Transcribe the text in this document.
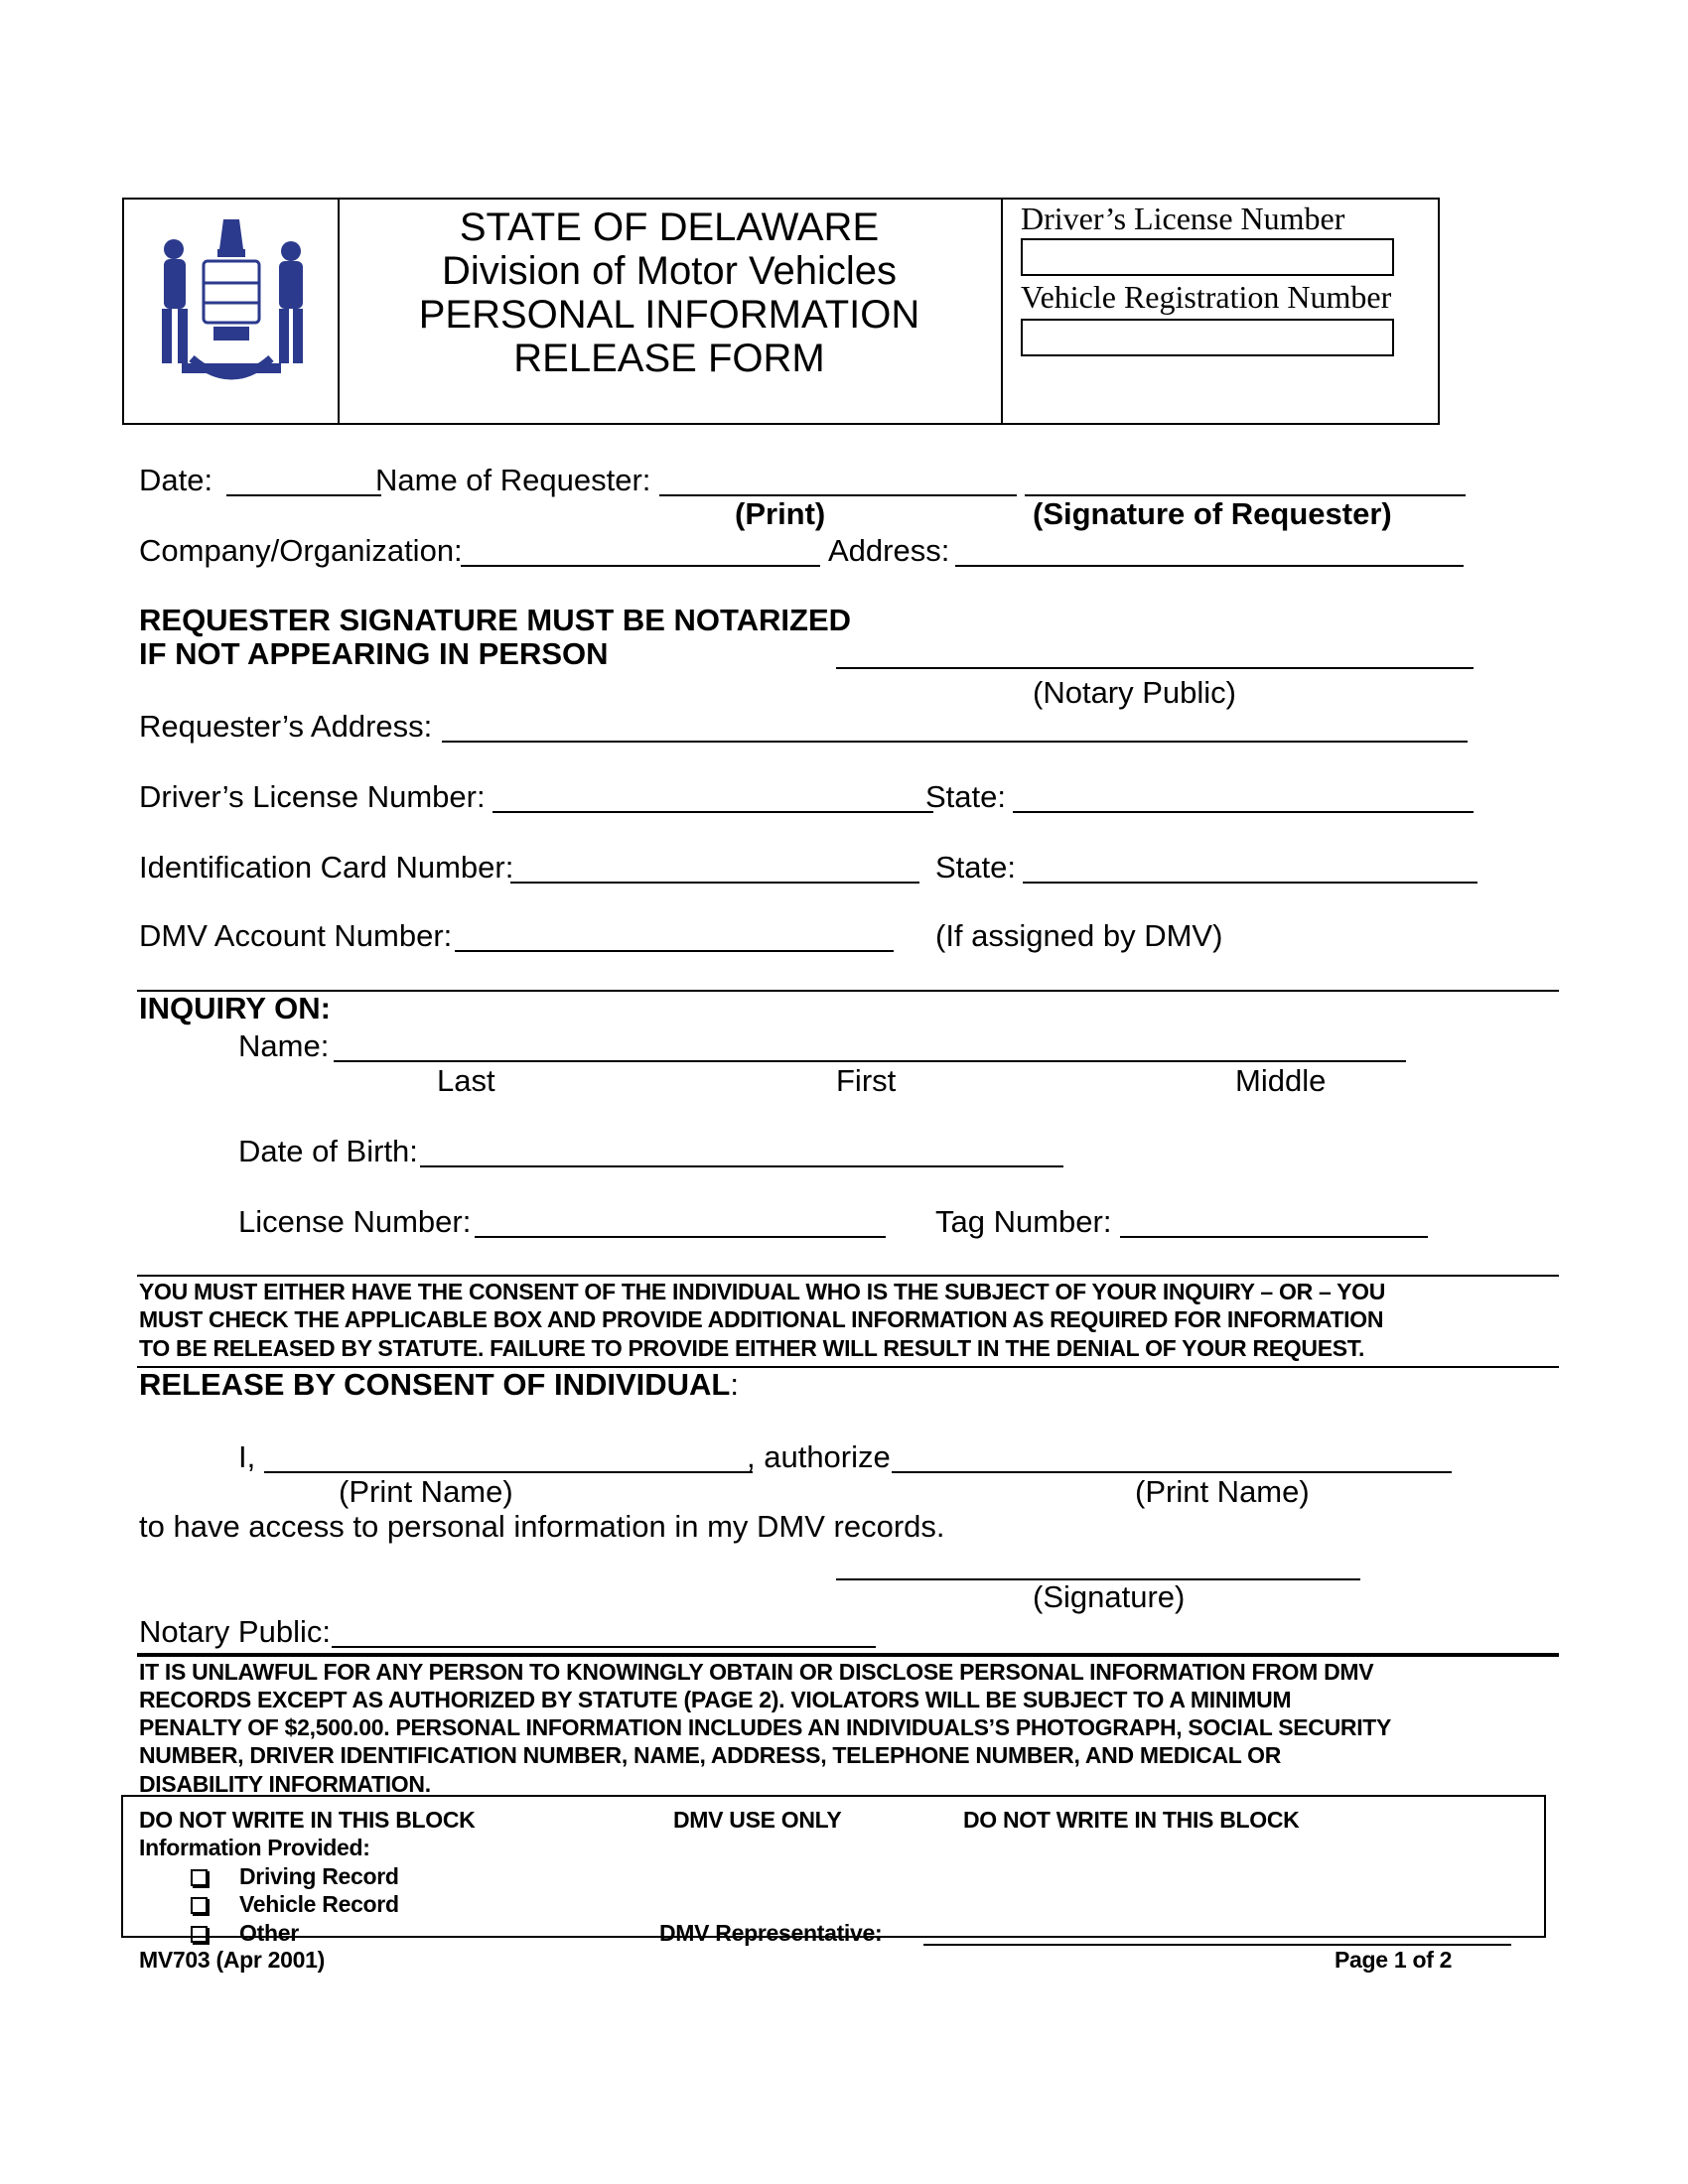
STATE OF DELAWARE
Division of Motor Vehicles
PERSONAL INFORMATION
RELEASE FORM
Driver’s License Number
Vehicle Registration Number
Date:	Name of Requester:
(Print)	(Signature of Requester)
Company/Organization:	Address:
REQUESTER SIGNATURE MUST BE NOTARIZED
IF NOT APPEARING IN PERSON
(Notary Public)
Requester’s Address:
Driver’s License Number:	State:
Identification Card Number:	State:
DMV Account Number:	(If assigned by DMV)
INQUIRY ON:
Name:
Last	First	Middle
Date of Birth:
License Number:	Tag Number:
YOU MUST EITHER HAVE THE CONSENT OF THE INDIVIDUAL WHO IS THE SUBJECT OF YOUR INQUIRY – OR – YOU
MUST CHECK THE APPLICABLE BOX AND PROVIDE ADDITIONAL INFORMATION AS REQUIRED FOR INFORMATION
TO BE RELEASED BY STATUTE. FAILURE TO PROVIDE EITHER WILL RESULT IN THE DENIAL OF YOUR REQUEST.
RELEASE BY CONSENT OF INDIVIDUAL:
I,	, authorize
(Print Name)	(Print Name)
to have access to personal information in my DMV records.
(Signature)
Notary Public:
IT IS UNLAWFUL FOR ANY PERSON TO KNOWINGLY OBTAIN OR DISCLOSE PERSONAL INFORMATION FROM DMV
RECORDS EXCEPT AS AUTHORIZED BY STATUTE (PAGE 2). VIOLATORS WILL BE SUBJECT TO A MINIMUM
PENALTY OF $2,500.00. PERSONAL INFORMATION INCLUDES AN INDIVIDUALS’S PHOTOGRAPH, SOCIAL SECURITY
NUMBER, DRIVER IDENTIFICATION NUMBER, NAME, ADDRESS, TELEPHONE NUMBER, AND MEDICAL OR
DISABILITY INFORMATION.
DO NOT WRITE IN THIS BLOCK	DMV USE ONLY	DO NOT WRITE IN THIS BLOCK
Information Provided:
Driving Record
Vehicle Record
Other	DMV Representative:
MV703 (Apr 2001)	Page 1 of 2
